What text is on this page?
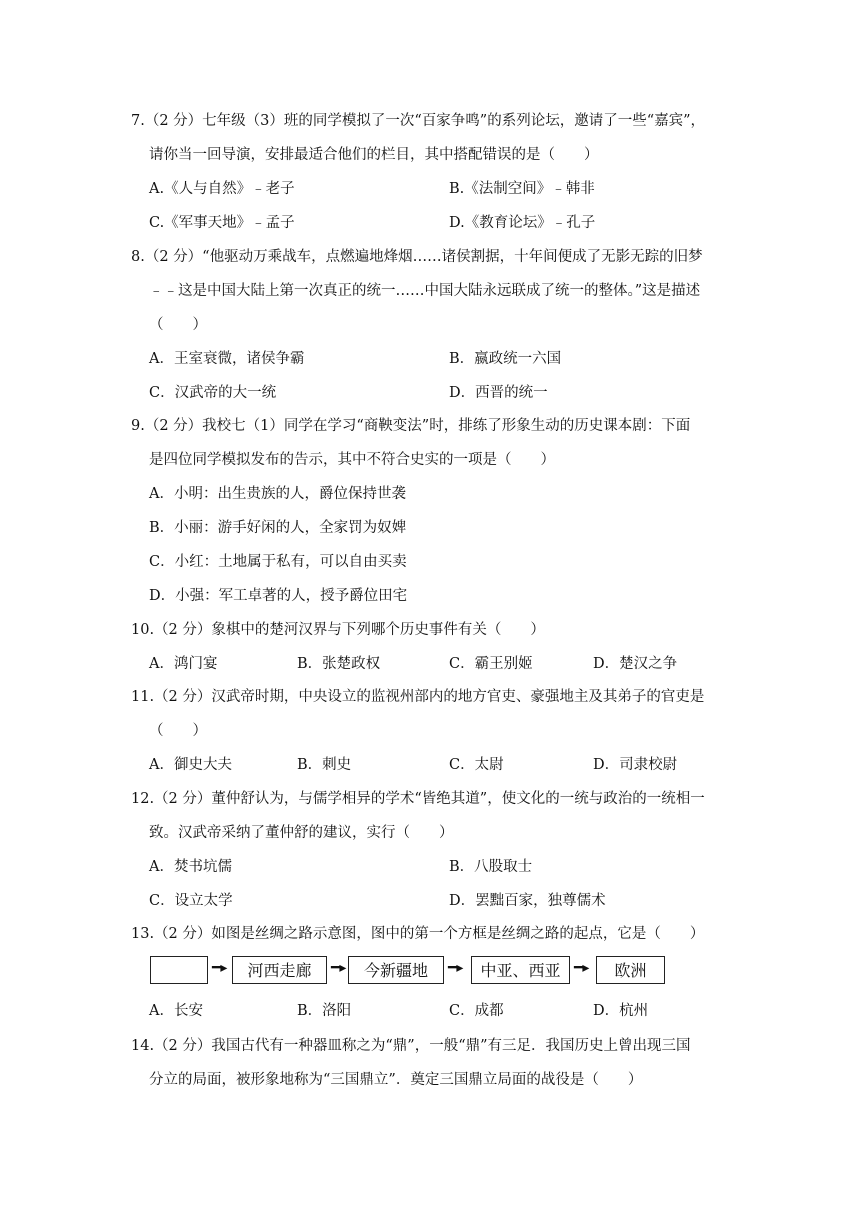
7.（2 分）七年级（3）班的同学模拟了一次“百家争鸣”的系列论坛，邀请了一些“嘉宾”，
请你当一回导演，安排最适合他们的栏目，其中搭配错误的是（　　）
A.《人与自然》﹣老子	B.《法制空间》﹣韩非
C.《军事天地》﹣孟子	D.《教育论坛》﹣孔子
8.（2 分）“他驱动万乘战车，点燃遍地烽烟……诸侯割据，十年间便成了无影无踪的旧梦
﹣﹣这是中国大陆上第一次真正的统一……中国大陆永远联成了统一的整体。”这是描述
（　　）
A．王室衰微，诸侯争霸	B．嬴政统一六国
C．汉武帝的大一统	D．西晋的统一
9.（2 分）我校七（1）同学在学习“商鞅变法”时，排练了形象生动的历史课本剧：下面
是四位同学模拟发布的告示，其中不符合史实的一项是（　　）
A．小明：出生贵族的人，爵位保持世袭
B．小丽：游手好闲的人，全家罚为奴婢
C．小红：土地属于私有，可以自由买卖
D．小强：军工卓著的人，授予爵位田宅
10.（2 分）象棋中的楚河汉界与下列哪个历史事件有关（　　）
A．鸿门宴	B．张楚政权	C．霸王别姬	D．楚汉之争
11.（2 分）汉武帝时期，中央设立的监视州部内的地方官吏、豪强地主及其弟子的官吏是
（　　）
A．御史大夫	B．刺史	C．太尉	D．司隶校尉
12.（2 分）董仲舒认为，与儒学相异的学术“皆绝其道”，使文化的一统与政治的一统相一
致。汉武帝采纳了董仲舒的建议，实行（　　）
A．焚书坑儒	B．八股取士
C．设立太学	D．罢黜百家，独尊儒术
13.（2 分）如图是丝绸之路示意图，图中的第一个方框是丝绸之路的起点，它是（　　）
━▸	河西走廊	━▸	今新疆地	━▸	中亚、西亚 ━▸	欧洲
A．长安	B．洛阳	C．成都	D．杭州
14.（2 分）我国古代有一种器皿称之为“鼎”，一般“鼎”有三足．我国历史上曾出现三国
分立的局面，被形象地称为“三国鼎立”．奠定三国鼎立局面的战役是（　　）
